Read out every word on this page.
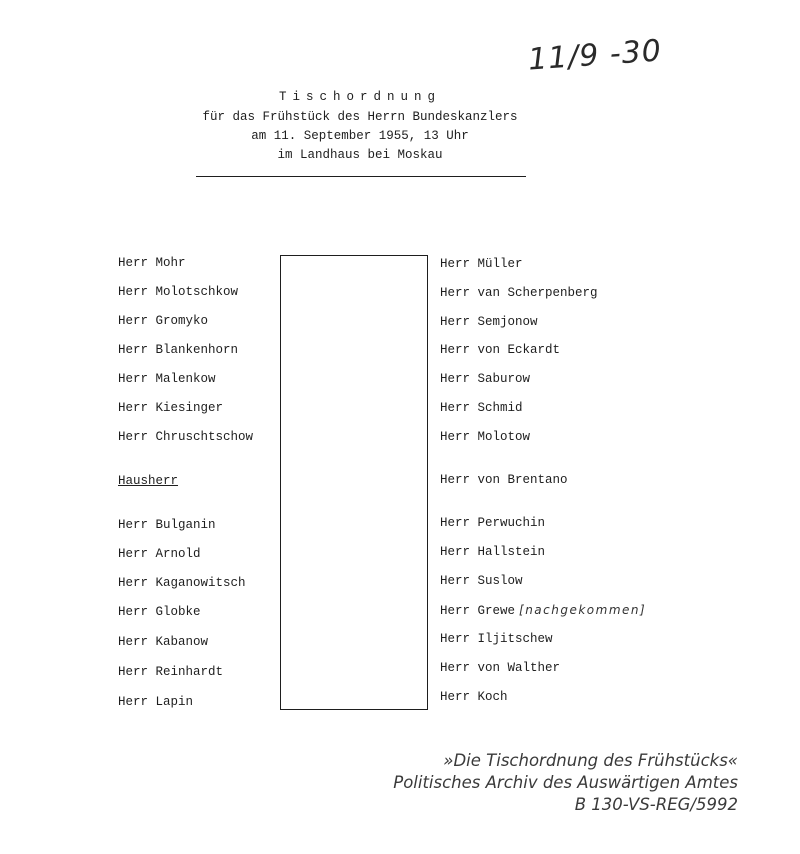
11/9 -30
Tischordnung
für das Frühstück des Herrn Bundeskanzlers
am 11. September 1955, 13 Uhr
im Landhaus bei Moskau
Herr Mohr
Herr Molotschkow
Herr Gromyko
Herr Blankenhorn
Herr Malenkow
Herr Kiesinger
Herr Chruschtschow
Hausherr
Herr Bulganin
Herr Arnold
Herr Kaganowitsch
Herr Globke
Herr Kabanow
Herr Reinhardt
Herr Lapin
Herr Müller
Herr van Scherpenberg
Herr Semjonow
Herr von Eckardt
Herr Saburow
Herr Schmid
Herr Molotow
Herr von Brentano
Herr Perwuchin
Herr Hallstein
Herr Suslow
Herr Grewe [nachgekommen]
Herr Iljitschew
Herr von Walther
Herr Koch
»Die Tischordnung des Frühstücks«
Politisches Archiv des Auswärtigen Amtes
B 130-VS-REG/5992
